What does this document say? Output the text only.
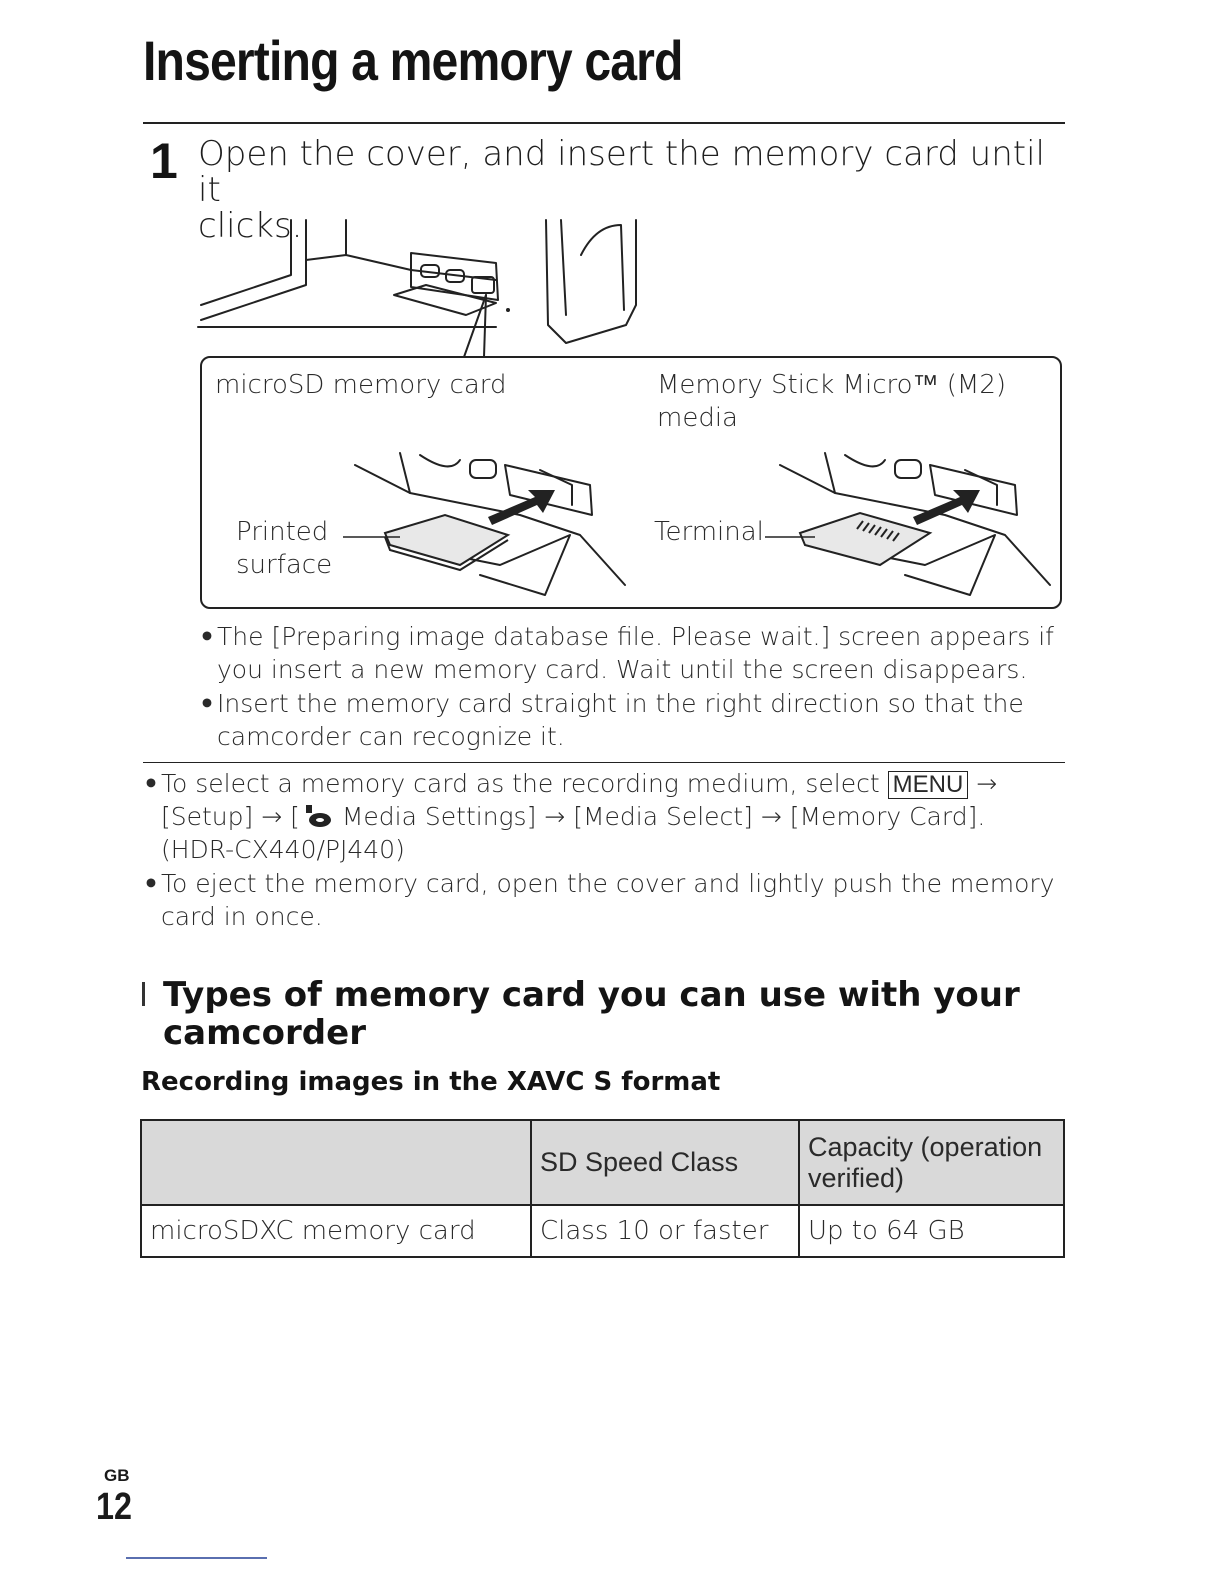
Inserting a memory card
1 Open the cover, and insert the memory card until it
clicks.
microSD memory card	Memory Stick Micro™ (M2)
media
Printed
surface
Terminal
• The [Preparing image database file. Please wait.] screen appears if
you insert a new memory card. Wait until the screen disappears.
• Insert the memory card straight in the right direction so that the
camcorder can recognize it.
• To select a memory card as the recording medium, select MENU →
[Setup] → [ Media Settings] → [Media Select] → [Memory Card].
(HDR-CX440/PJ440)
• To eject the memory card, open the cover and lightly push the memory
card in once.
Types of memory card you can use with your
camcorder
Recording images in the XAVC S format
	SD Speed Class	Capacity (operation verified)
microSDXC memory card	Class 10 or faster	Up to 64 GB
GB
12
